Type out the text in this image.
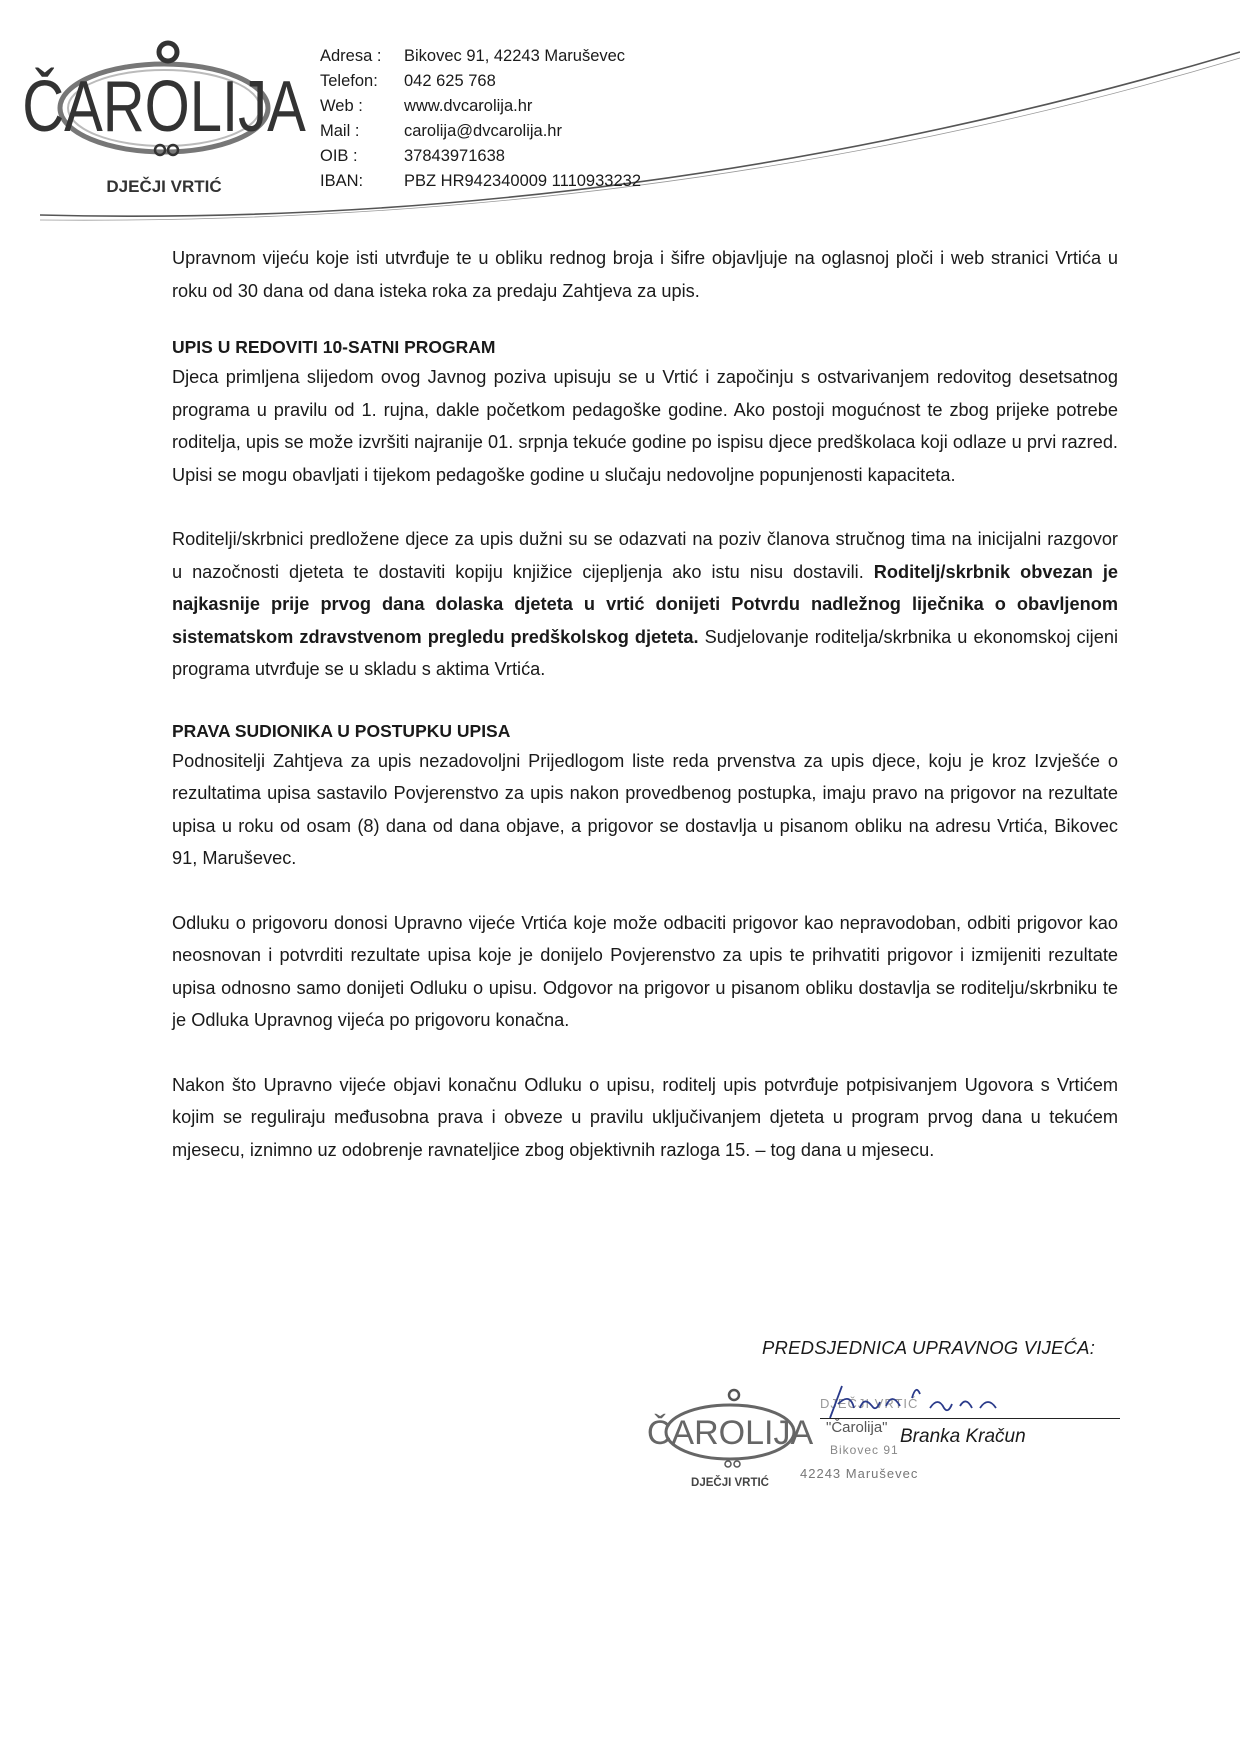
ČAROLIJA
DJEČJI VRTIĆ
Adresa :	Bikovec 91, 42243 Maruševec
Telefon:	042 625 768
Web :	www.dvcarolija.hr
Mail :	carolija@dvcarolija.hr
OIB :	37843971638
IBAN:	PBZ HR942340009 1110933232

Upravnom vijeću koje isti utvrđuje te u obliku rednog broja i šifre objavljuje na oglasnoj ploči i web stranici Vrtića u roku od 30 dana od dana isteka roka za predaju Zahtjeva za upis.

UPIS U REDOVITI 10-SATNI PROGRAM

Djeca primljena slijedom ovog Javnog poziva upisuju se u Vrtić i započinju s ostvarivanjem redovitog desetsatnog programa u pravilu od 1. rujna, dakle početkom pedagoške godine. Ako postoji mogućnost te zbog prijeke potrebe roditelja, upis se može izvršiti najranije 01. srpnja tekuće godine po ispisu djece predškolaca koji odlaze u prvi razred. Upisi se mogu obavljati i tijekom pedagoške godine u slučaju nedovoljne popunjenosti kapaciteta.

Roditelji/skrbnici predložene djece za upis dužni su se odazvati na poziv članova stručnog tima na inicijalni razgovor u nazočnosti djeteta te dostaviti kopiju knjižice cijepljenja ako istu nisu dostavili. Roditelj/skrbnik obvezan je najkasnije prije prvog dana dolaska djeteta u vrtić donijeti Potvrdu nadležnog liječnika o obavljenom sistematskom zdravstvenom pregledu predškolskog djeteta. Sudjelovanje roditelja/skrbnika u ekonomskoj cijeni programa utvrđuje se u skladu s aktima Vrtića.

PRAVA SUDIONIKA U POSTUPKU UPISA

Podnositelji Zahtjeva za upis nezadovoljni Prijedlogom liste reda prvenstva za upis djece, koju je kroz Izvješće o rezultatima upisa sastavilo Povjerenstvo za upis nakon provedbenog postupka, imaju pravo na prigovor na rezultate upisa u roku od osam (8) dana od dana objave, a prigovor se dostavlja u pisanom obliku na adresu Vrtića, Bikovec 91, Maruševec.

Odluku o prigovoru donosi Upravno vijeće Vrtića koje može odbaciti prigovor kao nepravodoban, odbiti prigovor kao neosnovan i potvrditi rezultate upisa koje je donijelo Povjerenstvo za upis te prihvatiti prigovor i izmijeniti rezultate upisa odnosno samo donijeti Odluku o upisu. Odgovor na prigovor u pisanom obliku dostavlja se roditelju/skrbniku te je Odluka Upravnog vijeća po prigovoru konačna.

Nakon što Upravno vijeće objavi konačnu Odluku o upisu, roditelj upis potvrđuje potpisivanjem Ugovora s Vrtićem kojim se reguliraju međusobna prava i obveze u pravilu uključivanjem djeteta u program prvog dana u tekućem mjesecu, iznimno uz odobrenje ravnateljice zbog objektivnih razloga 15. – tog dana u mjesecu.

PREDSJEDNICA UPRAVNOG VIJEĆA:
ČAROLIJA
DJEČJI VRTIĆ
DJEČJI VRTIĆ
"Čarolija"
Bikovec 91
42243 Maruševec
Branka Kračun
